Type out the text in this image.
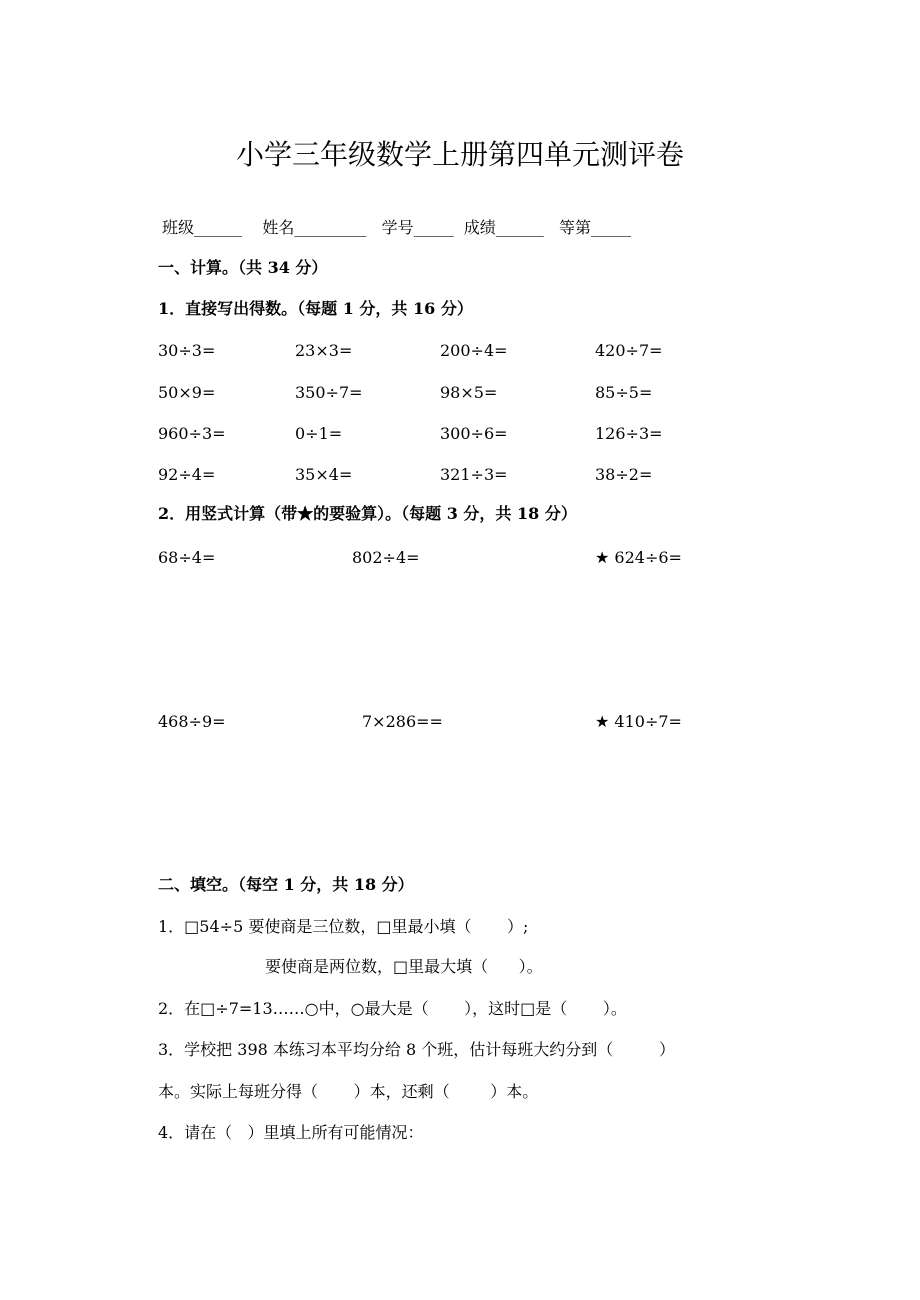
小学三年级数学上册第四单元测评卷
班级______    姓名_________   学号_____  成绩______   等第_____
一、计算。（共 34 分）
1．直接写出得数。（每题 1 分，共 16 分）
30÷3=	23×3=	200÷4=	420÷7=
50×9=	350÷7=	98×5=	85÷5=
960÷3=	0÷1=	300÷6=	126÷3=
92÷4=	35×4=	321÷3=	38÷2=
2．用竖式计算（带★的要验算）。（每题 3 分，共 18 分）
68÷4=	802÷4=	★ 624÷6=
468÷9=	7×286==	★ 410÷7=
二、填空。（每空 1 分，共 18 分）
1．□54÷5 要使商是三位数，□里最小填（       ）;
要使商是两位数，□里最大填（      ）。
2．在□÷7=13……○中，○最大是（       ），这时□是（       ）。
3．学校把 398 本练习本平均分给 8 个班，估计每班大约分到（         ）
本。实际上每班分得（       ）本，还剩（        ）本。
4．请在（   ）里填上所有可能情况：
